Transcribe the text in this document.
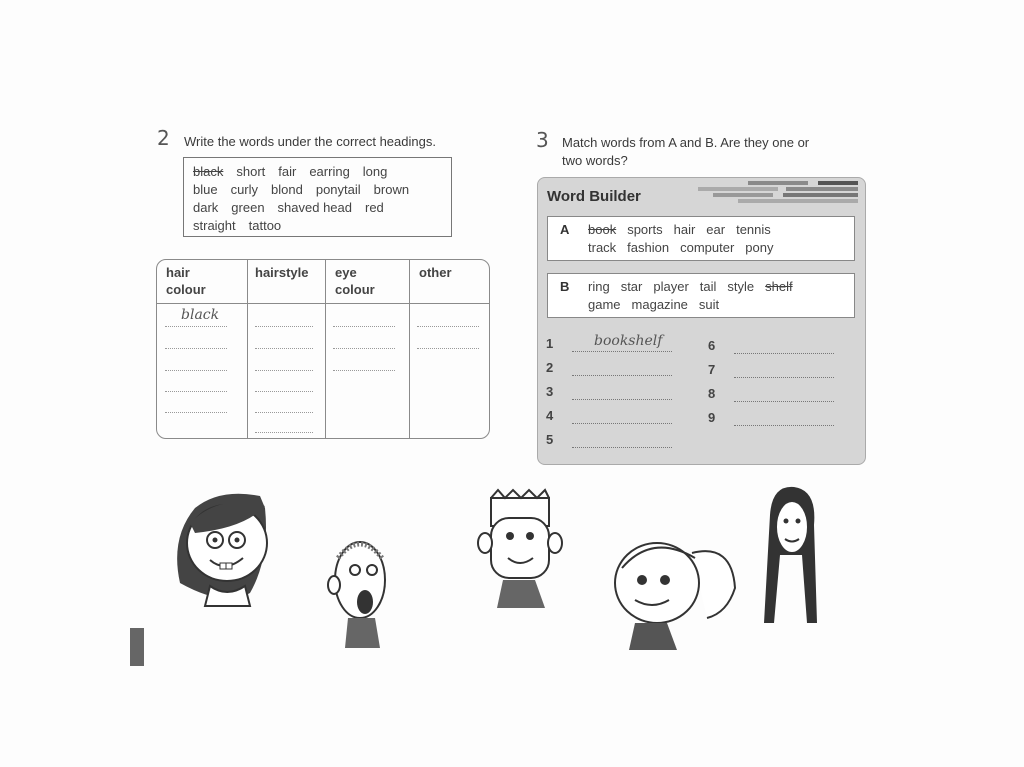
2 Write the words under the correct headings.
black short fair earring long
blue curly blond ponytail brown
dark green shaved head red
straight tattoo
hair
colour
hairstyle eye
colour
other
black
3 Match words from A and B. Are they one or
two words?
Word Builder
A book sports hair ear tennis
track fashion computer pony
B ring star player tail style shelf
game magazine suit
1
2
3
4
5
bookshelf	6
7
8
9
